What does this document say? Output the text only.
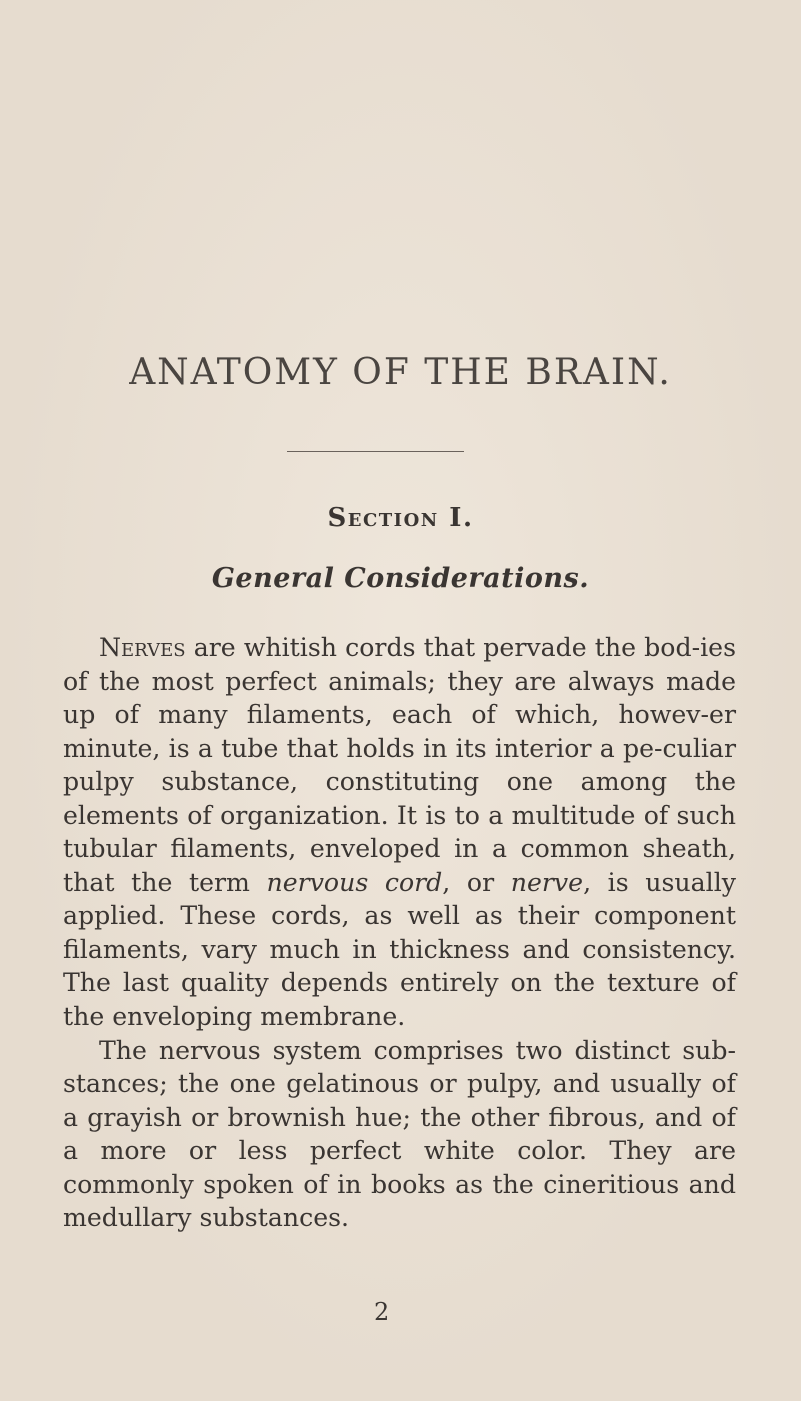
ANATOMY OF THE BRAIN.
Section I.
General Considerations.

Nerves are whitish cords that pervade the bod-ies of the most perfect animals; they are always made up of many filaments, each of which, howev-er minute, is a tube that holds in its interior a pe-culiar pulpy substance, constituting one among the elements of organization. It is to a multitude of such tubular filaments, enveloped in a common sheath, that the term nervous cord, or nerve, is usually applied. These cords, as well as their component filaments, vary much in thickness and consistency. The last quality depends entirely on the texture of the enveloping membrane.

The nervous system comprises two distinct sub-stances; the one gelatinous or pulpy, and usually of a grayish or brownish hue; the other fibrous, and of a more or less perfect white color. They are commonly spoken of in books as the cineritious and medullary substances.

2
